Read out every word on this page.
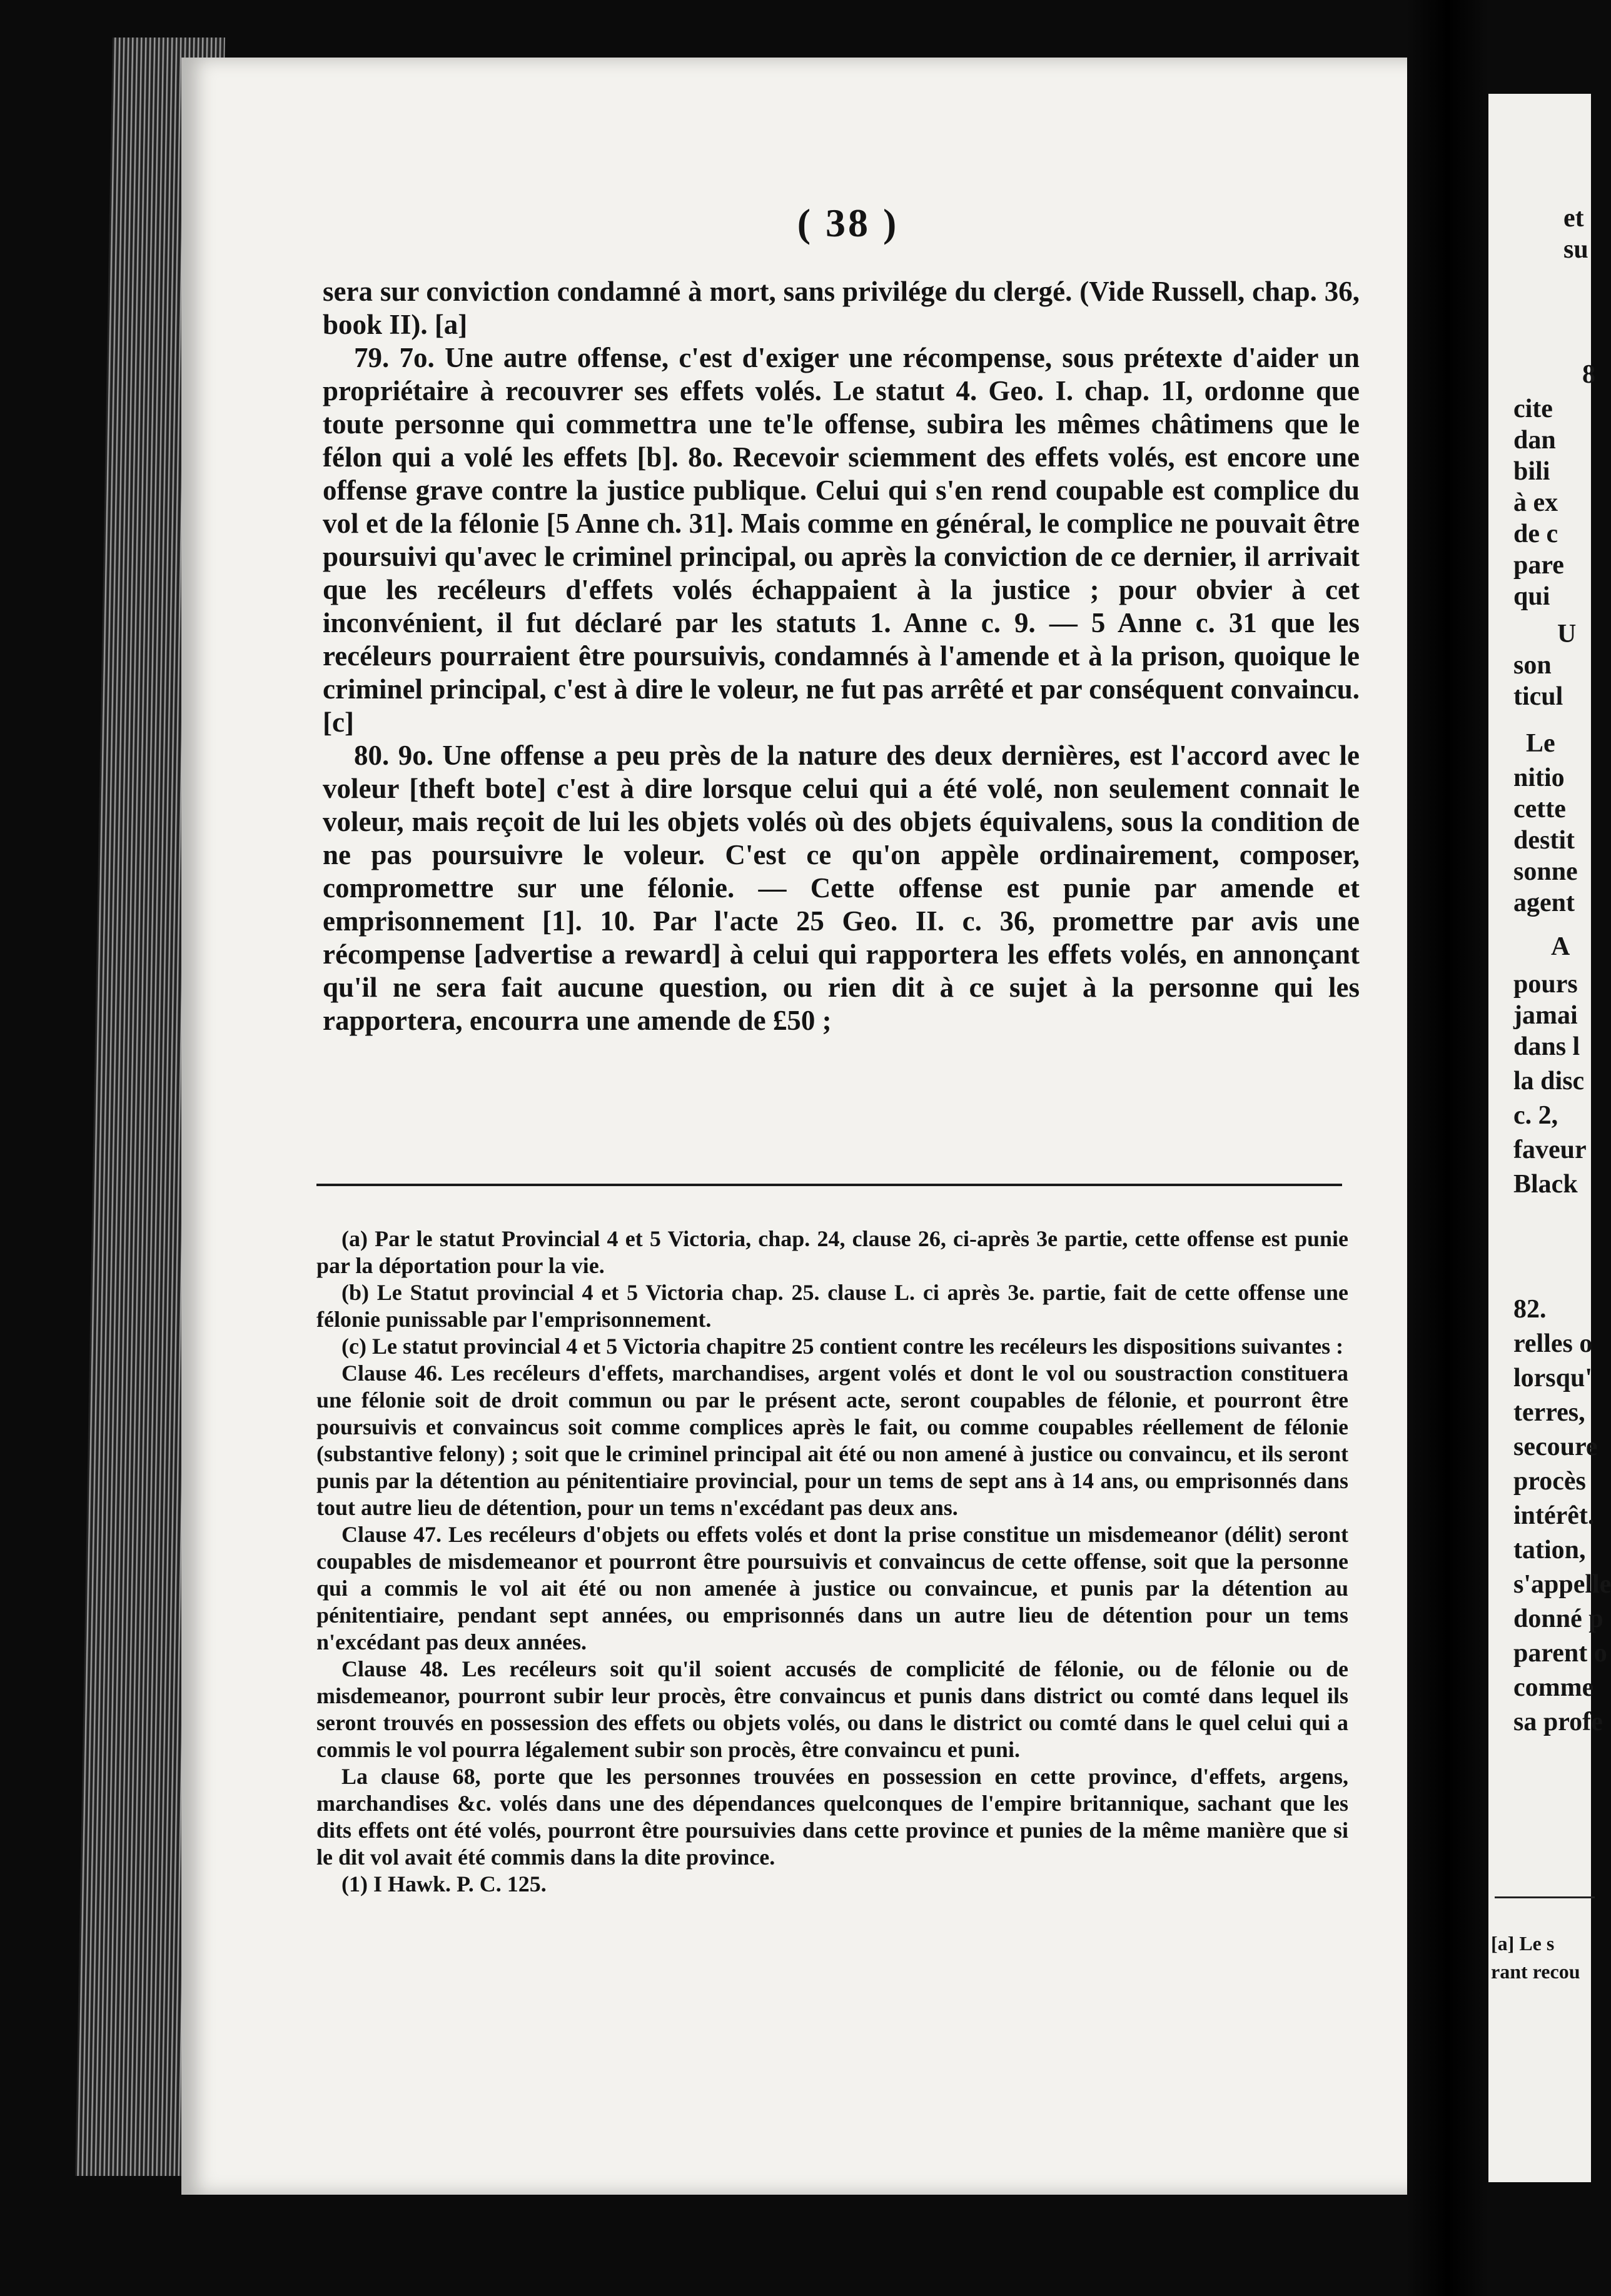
( 38 )

sera sur conviction condamné à mort, sans privilége du clergé. (Vide Russell, chap. 36, book II). [a]

79. 7o. Une autre offense, c'est d'exiger une récompense, sous prétexte d'aider un propriétaire à recouvrer ses effets volés. Le statut 4. Geo. I. chap. 1I, ordonne que toute personne qui commettra une te'le offense, subira les mêmes châtimens que le félon qui a volé les effets [b]. 8o. Recevoir sciemment des effets volés, est encore une offense grave contre la justice publique. Celui qui s'en rend coupable est complice du vol et de la félonie [5 Anne ch. 31]. Mais comme en général, le complice ne pouvait être poursuivi qu'avec le criminel principal, ou après la conviction de ce dernier, il arrivait que les recéleurs d'effets volés échappaient à la justice ; pour obvier à cet inconvénient, il fut déclaré par les statuts 1. Anne c. 9. — 5 Anne c. 31 que les recéleurs pourraient être poursuivis, condamnés à l'amende et à la prison, quoique le criminel principal, c'est à dire le voleur, ne fut pas arrêté et par conséquent convaincu. [c]

80. 9o. Une offense a peu près de la nature des deux dernières, est l'accord avec le voleur [theft bote] c'est à dire lorsque celui qui a été volé, non seulement connait le voleur, mais reçoit de lui les objets volés où des objets équivalens, sous la condition de ne pas poursuivre le voleur. C'est ce qu'on appèle ordinairement, composer, compromettre sur une félonie. — Cette offense est punie par amende et emprisonnement [1]. 10. Par l'acte 25 Geo. II. c. 36, promettre par avis une récompense [advertise a reward] à celui qui rapportera les effets volés, en annonçant qu'il ne sera fait aucune question, ou rien dit à ce sujet à la personne qui les rapportera, encourra une amende de £50 ;

(a) Par le statut Provincial 4 et 5 Victoria, chap. 24, clause 26, ci-après 3e partie, cette offense est punie par la déportation pour la vie.

(b) Le Statut provincial 4 et 5 Victoria chap. 25. clause L. ci après 3e. partie, fait de cette offense une félonie punissable par l'emprisonnement.

(c) Le statut provincial 4 et 5 Victoria chapitre 25 contient contre les recéleurs les dispositions suivantes :

Clause 46. Les recéleurs d'effets, marchandises, argent volés et dont le vol ou soustraction constituera une félonie soit de droit commun ou par le présent acte, seront coupables de félonie, et pourront être poursuivis et convaincus soit comme complices après le fait, ou comme coupables réellement de félonie (substantive felony) ; soit que le criminel principal ait été ou non amené à justice ou convaincu, et ils seront punis par la détention au pénitentiaire provincial, pour un tems de sept ans à 14 ans, ou emprisonnés dans tout autre lieu de détention, pour un tems n'excédant pas deux ans.

Clause 47. Les recéleurs d'objets ou effets volés et dont la prise constitue un misdemeanor (délit) seront coupables de misdemeanor et pourront être poursuivis et convaincus de cette offense, soit que la personne qui a commis le vol ait été ou non amenée à justice ou convaincue, et punis par la détention au pénitentiaire, pendant sept années, ou emprisonnés dans un autre lieu de détention pour un tems n'excédant pas deux années.

Clause 48. Les recéleurs soit qu'il soient accusés de complicité de félonie, ou de félonie ou de misdemeanor, pourront subir leur procès, être convaincus et punis dans district ou comté dans lequel ils seront trouvés en possession des effets ou objets volés, ou dans le district ou comté dans le quel celui qui a commis le vol pourra légalement subir son procès, être convaincu et puni.

La clause 68, porte que les personnes trouvées en possession en cette province, d'effets, argens, marchandises &c. volés dans une des dépendances quelconques de l'empire britannique, sachant que les dits effets ont été volés, pourront être poursuivies dans cette province et punies de la même manière que si le dit vol avait été commis dans la dite province.

(1) I Hawk. P. C. 125.

et
su
8
cite
dan
bili
à ex
de c
pare
qui
U
son
ticul
Le
nitio
cette
destit
sonne
agent
A
pours
jamai
dans l
la disc
c. 2,
faveur
Black
82.
relles o
lorsqu'
terres,
secoure
procès
intérêt.
tation,
s'appelle
donné p
parent o
comme
sa profe
[a] Le s
rant recou
